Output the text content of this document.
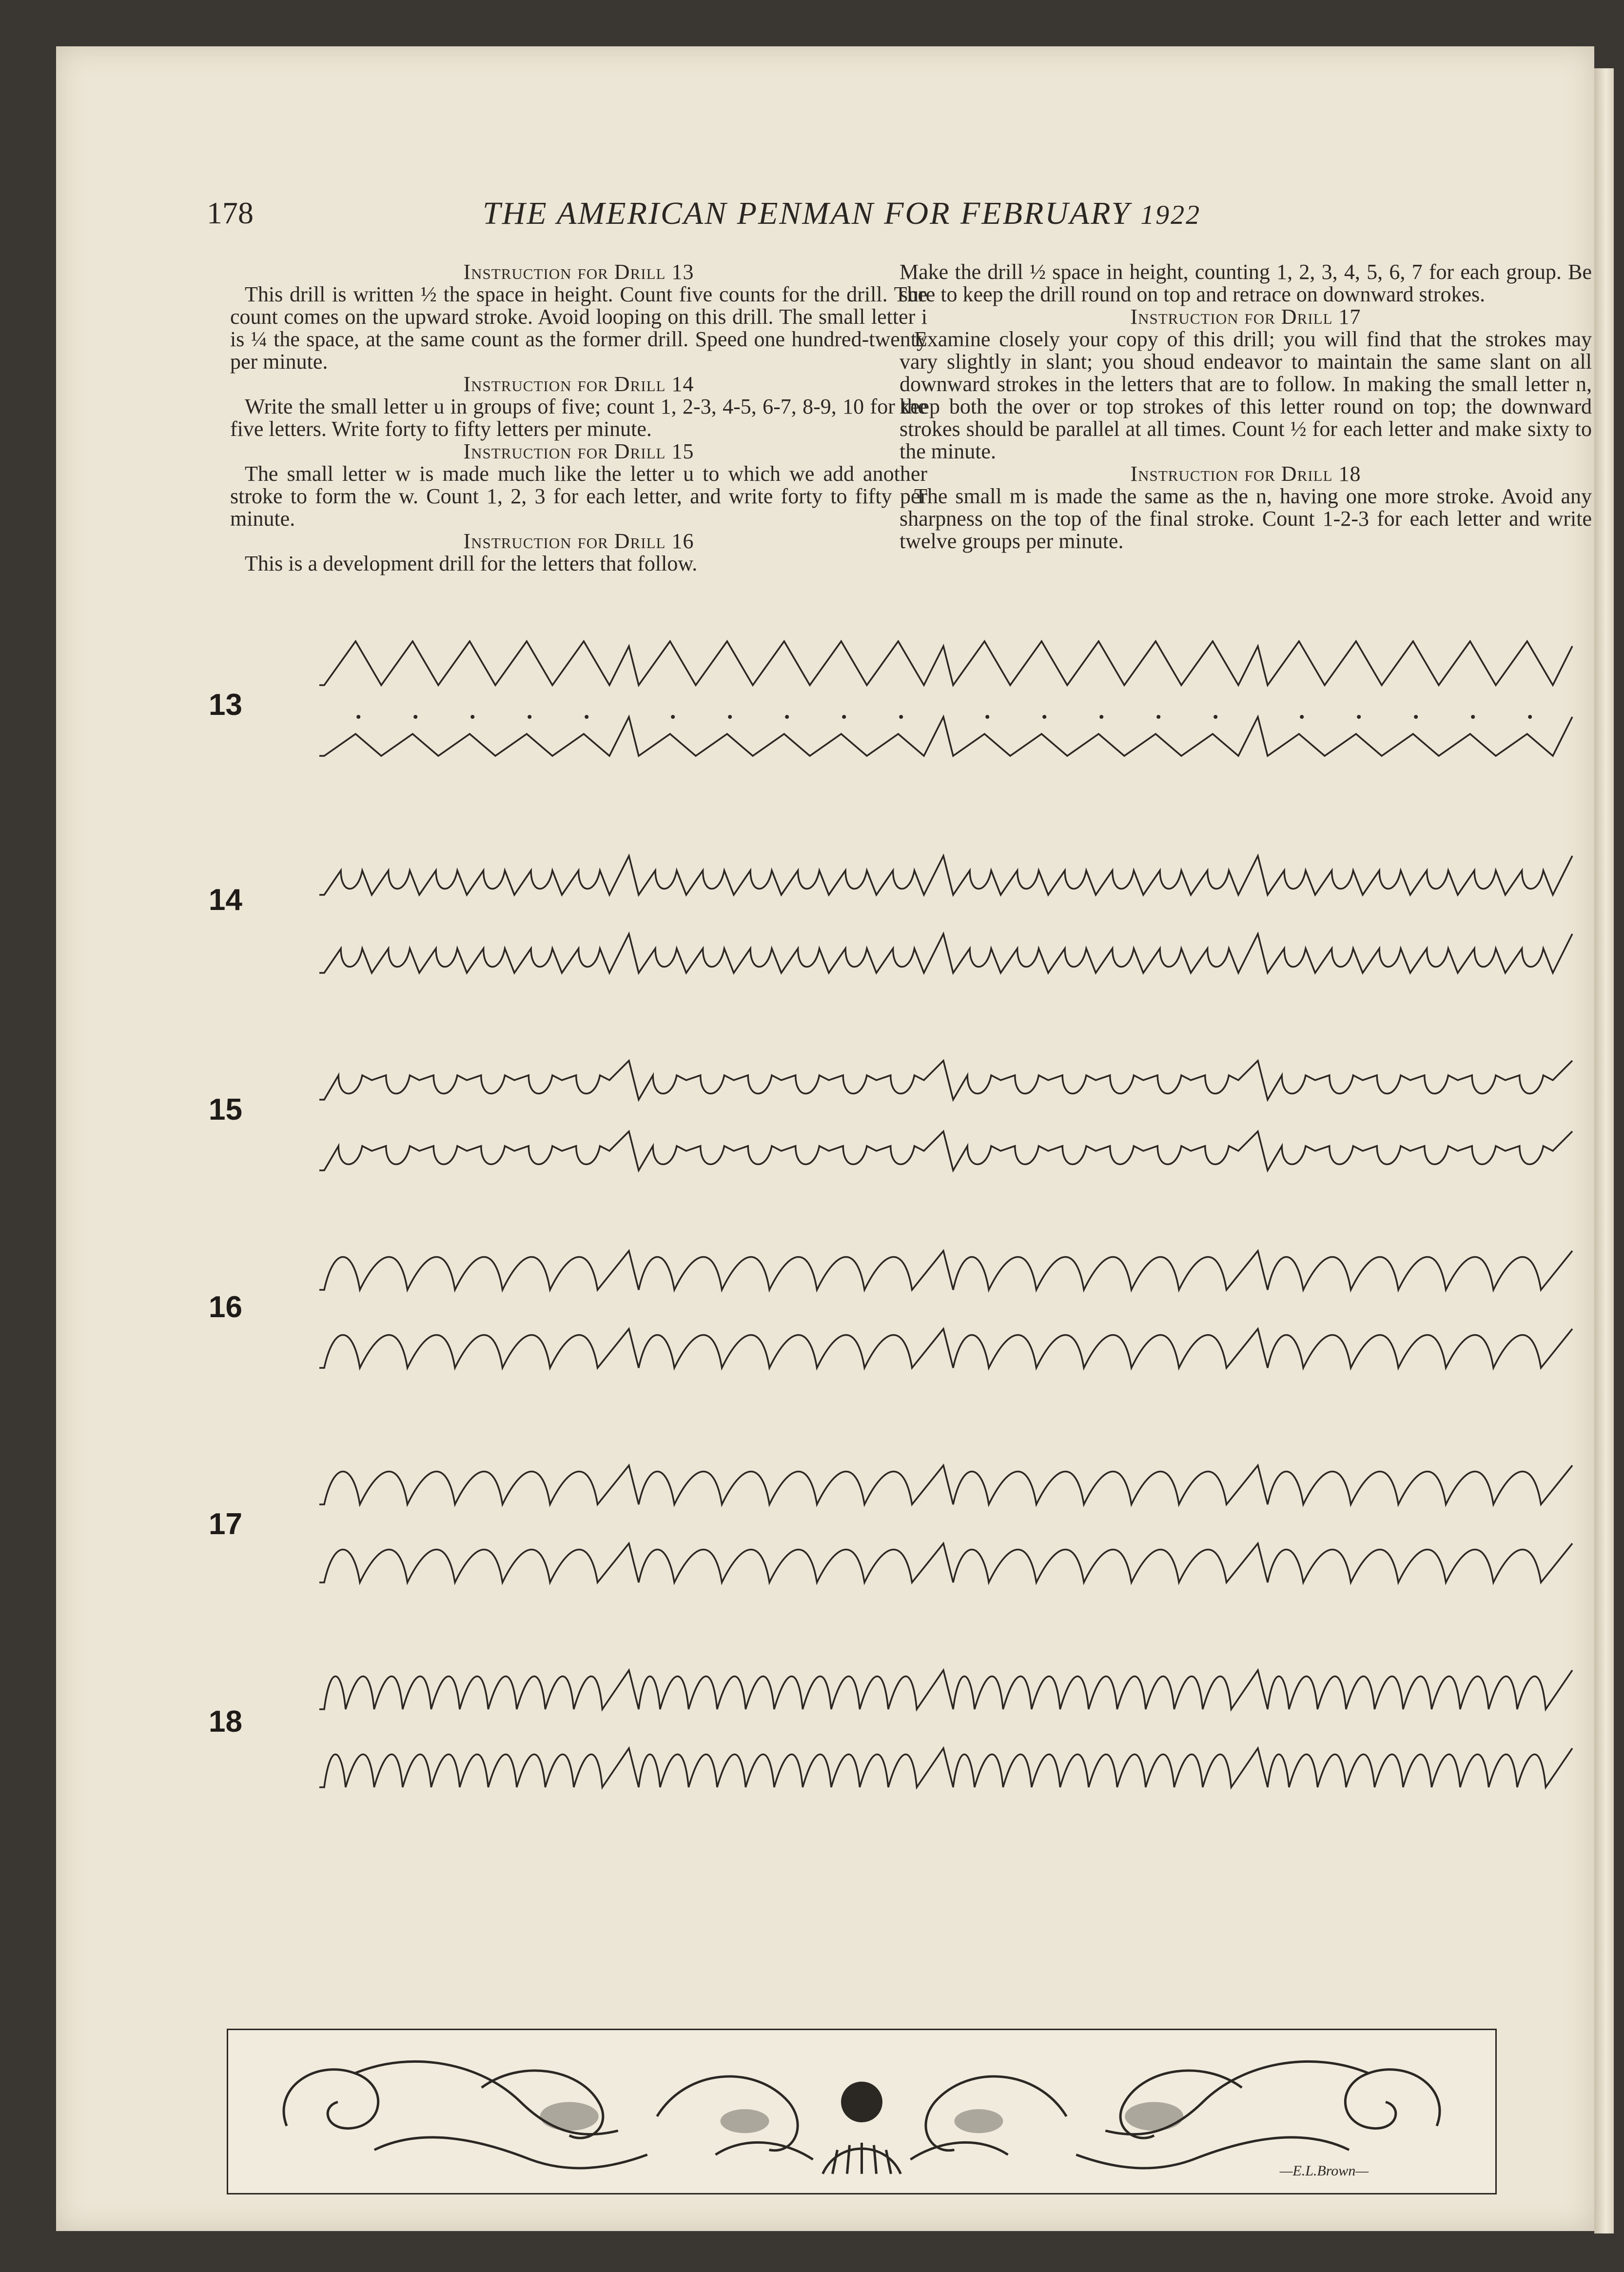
178	THE AMERICAN PENMAN FOR FEBRUARY 1922

Instruction for Drill 13

This drill is written ½ the space in height. Count five counts for the drill. The count comes on the upward stroke. Avoid looping on this drill. The small letter i is ¼ the space, at the same count as the former drill. Speed one hundred-twenty per minute.

Instruction for Drill 14

Write the small letter u in groups of five; count 1, 2-3, 4-5, 6-7, 8-9, 10 for the five letters. Write forty to fifty letters per minute.

Instruction for Drill 15

The small letter w is made much like the letter u to which we add another stroke to form the w. Count 1, 2, 3 for each letter, and write forty to fifty per minute.

Instruction for Drill 16

This is a development drill for the letters that follow.

Make the drill ½ space in height, counting 1, 2, 3, 4, 5, 6, 7 for each group. Be sure to keep the drill round on top and retrace on downward strokes.

Instruction for Drill 17

Examine closely your copy of this drill; you will find that the strokes may vary slightly in slant; you shoud endeavor to maintain the same slant on all downward strokes in the letters that are to follow. In making the small letter n, keep both the over or top strokes of this letter round on top; the downward strokes should be parallel at all times. Count ½ for each letter and make sixty to the minute.

Instruction for Drill 18

The small m is made the same as the n, having one more stroke. Avoid any sharpness on the top of the final stroke. Count 1-2-3 for each letter and write twelve groups per minute.

13
14
15
16
17
18
—E.L.Brown—
